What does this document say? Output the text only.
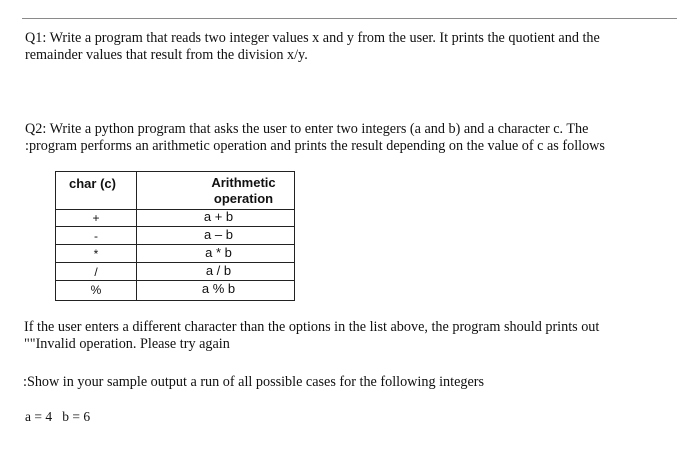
Q1: Write a program that reads two integer values x and y from the user. It prints the quotient and the
remainder values that result from the division x/y.
Q2: Write a python program that asks the user to enter two integers (a and b) and a character c. The
:program performs an arithmetic operation and prints the result depending on the value of c as follows
char (c)	Arithmetic
operation
+	a + b
-	a – b
*	a * b
/	a / b
%	a % b
If the user enters a different character than the options in the list above, the program should prints out
""Invalid operation. Please try again
:Show in your sample output a run of all possible cases for the following integers
a = 4   b = 6
